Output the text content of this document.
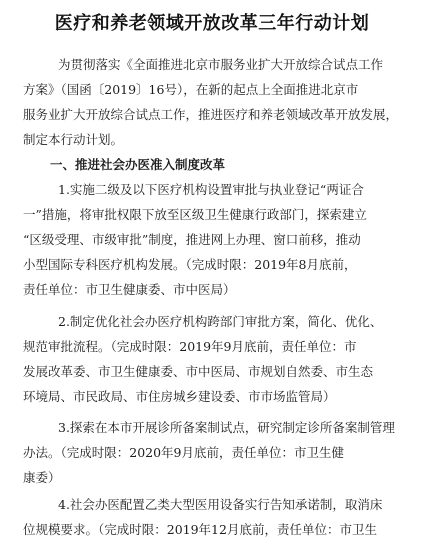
医疗和养老领域开放改革三年行动计划
为贯彻落实《全面推进北京市服务业扩大开放综合试点工作
方案》（国函〔2019〕16号），在新的起点上全面推进北京市
服务业扩大开放综合试点工作，推进医疗和养老领域改革开放发展，
制定本行动计划。
一、推进社会办医准入制度改革
1.实施二级及以下医疗机构设置审批与执业登记“两证合
一”措施，将审批权限下放至区级卫生健康行政部门，探索建立
“区级受理、市级审批”制度，推进网上办理、窗口前移，推动
小型国际专科医疗机构发展。（完成时限：2019年8月底前，
责任单位：市卫生健康委、市中医局）
2.制定优化社会办医疗机构跨部门审批方案，简化、优化、
规范审批流程。（完成时限：2019年9月底前，责任单位：市
发展改革委、市卫生健康委、市中医局、市规划自然委、市生态
环境局、市民政局、市住房城乡建设委、市市场监管局）
3.探索在本市开展诊所备案制试点，研究制定诊所备案制管理
办法。（完成时限：2020年9月底前，责任单位：市卫生健
康委）
4.社会办医配置乙类大型医用设备实行告知承诺制，取消床
位规模要求。（完成时限：2019年12月底前，责任单位：市卫生
